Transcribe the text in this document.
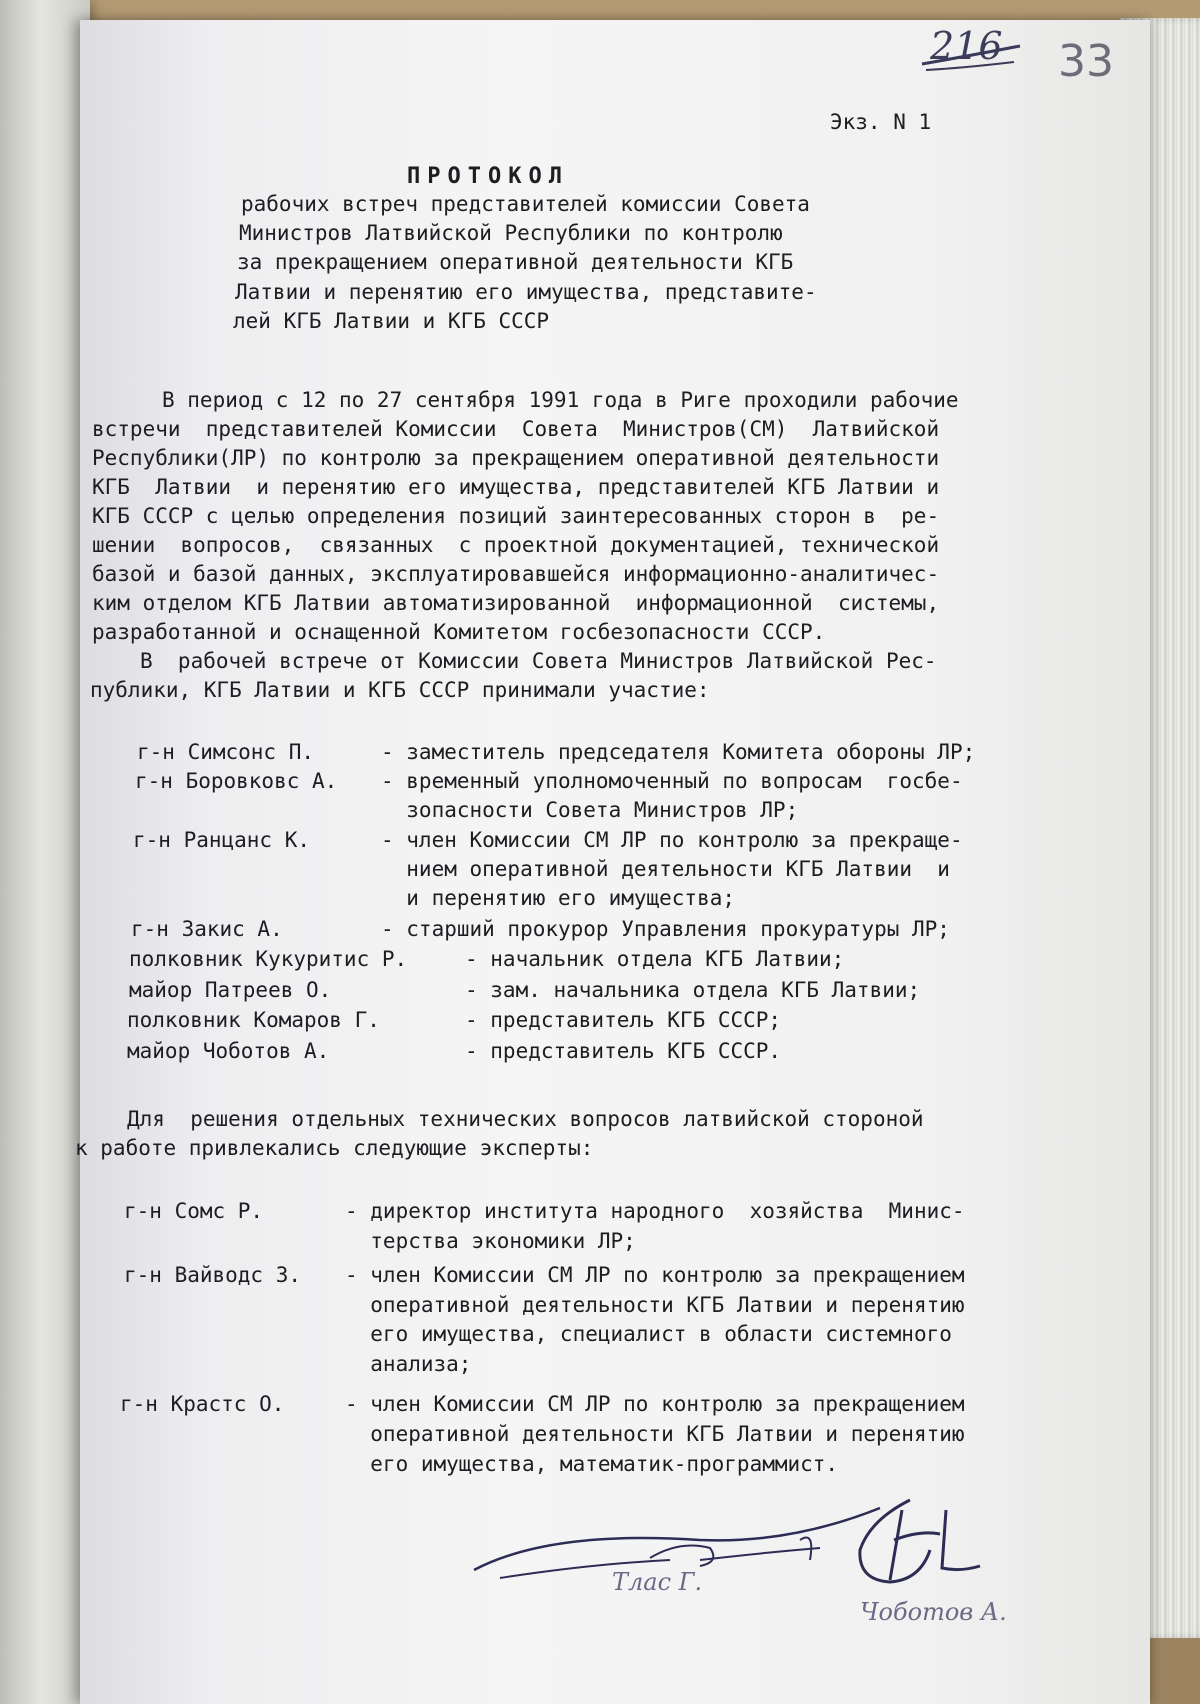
216 33
Экз. N 1
ПРОТОКОЛ
рабочих встреч представителей комиссии Совета
Министров Латвийской Республики по контролю
за прекращением оперативной деятельности КГБ
Латвии и перенятию его имущества, представите-
лей КГБ Латвии и КГБ СССР
В период с 12 по 27 сентября 1991 года в Риге проходили рабочие
встречи  представителей Комиссии  Совета  Министров(СМ)  Латвийской
Республики(ЛР) по контролю за прекращением оперативной деятельности
КГБ  Латвии  и перенятию его имущества, представителей КГБ Латвии и
КГБ СССР с целью определения позиций заинтересованных сторон в  ре-
шении  вопросов,  связанных  с проектной документацией, технической
базой и базой данных, эксплуатировавшейся информационно-аналитичес-
ким отделом КГБ Латвии автоматизированной  информационной  системы,
разработанной и оснащенной Комитетом госбезопасности СССР.
В  рабочей встрече от Комиссии Совета Министров Латвийской Рес-
публики, КГБ Латвии и КГБ СССР принимали участие:
г-н Симсонс П.	- заместитель председателя Комитета обороны ЛР;
г-н Боровковс А. - временный уполномоченный по вопросам  госбе-
зопасности Совета Министров ЛР;
г-н Ранцанс К.	- член Комиссии СМ ЛР по контролю за прекраще-
нием оперативной деятельности КГБ Латвии  и
и перенятию его имущества;
г-н Закис А.	- старший прокурор Управления прокуратуры ЛР;
полковник Кукуритис Р.	- начальник отдела КГБ Латвии;
майор Патреев О.	- зам. начальника отдела КГБ Латвии;
полковник Комаров Г.	- представитель КГБ СССР;
майор Чоботов А.	- представитель КГБ СССР.
Для  решения отдельных технических вопросов латвийской стороной
к работе привлекались следующие эксперты:
г-н Сомс Р.	- директор института народного  хозяйства  Минис-
терства экономики ЛР;
г-н Вайводс З. - член Комиссии СМ ЛР по контролю за прекращением
оперативной деятельности КГБ Латвии и перенятию
его имущества, специалист в области системного
анализа;
г-н Крастс О.	- член Комиссии СМ ЛР по контролю за прекращением
оперативной деятельности КГБ Латвии и перенятию
его имущества, математик-программист.
Тлас Г.
Чоботов А.
